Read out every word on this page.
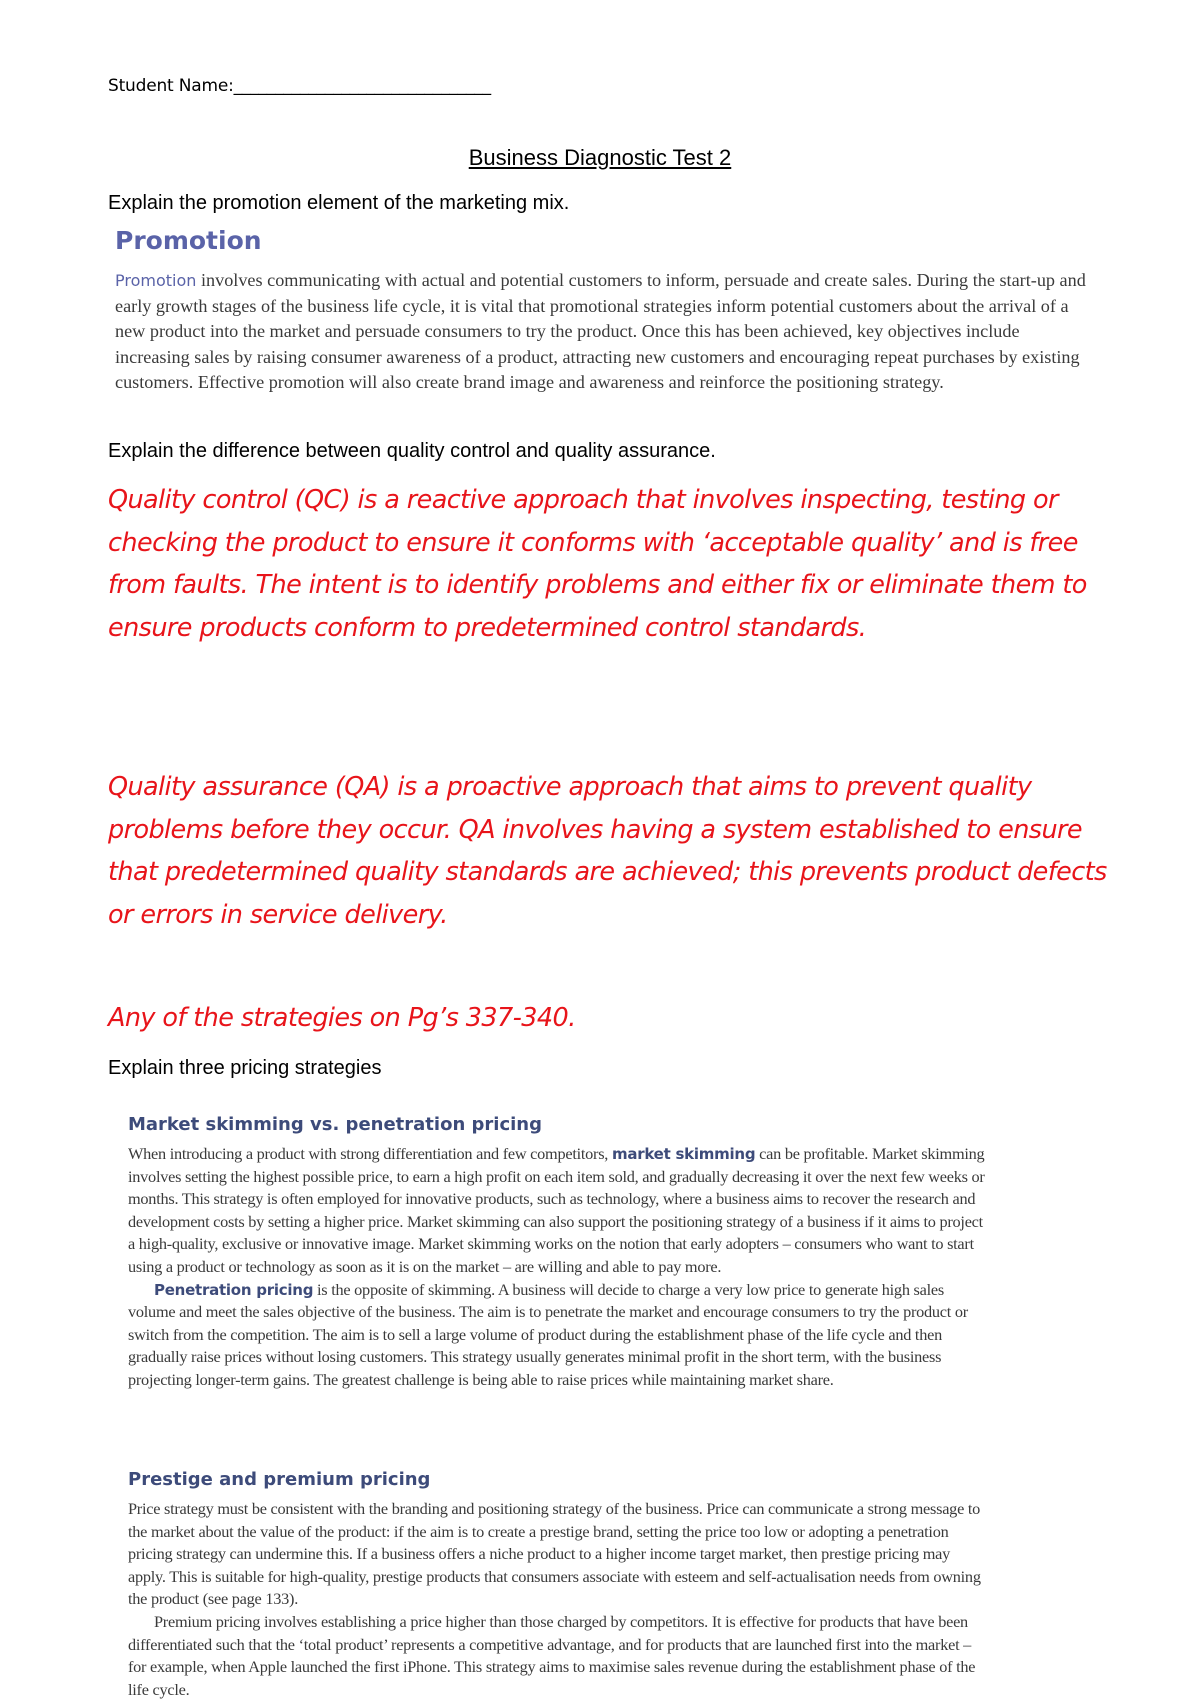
Student Name:_______________________________
Business Diagnostic Test 2
Explain the promotion element of the marketing mix.
Promotion

Promotion involves communicating with actual and potential customers to inform, persuade and create sales. During the start-up and early growth stages of the business life cycle, it is vital that promotional strategies inform potential customers about the arrival of a new product into the market and persuade consumers to try the product. Once this has been achieved, key objectives include increasing sales by raising consumer awareness of a product, attracting new customers and encouraging repeat purchases by existing customers. Effective promotion will also create brand image and awareness and reinforce the positioning strategy.

Explain the difference between quality control and quality assurance.

Quality control (QC) is a reactive approach that involves inspecting, testing or checking the product to ensure it conforms with ‘acceptable quality’ and is free from faults. The intent is to identify problems and either fix or eliminate them to ensure products conform to predetermined control standards.

Quality assurance (QA) is a proactive approach that aims to prevent quality problems before they occur. QA involves having a system established to ensure that predetermined quality standards are achieved; this prevents product defects or errors in service delivery.

Any of the strategies on Pg’s 337-340.

Explain three pricing strategies
Market skimming vs. penetration pricing

When introducing a product with strong differentiation and few competitors, market skimming can be profitable. Market skimming involves setting the highest possible price, to earn a high profit on each item sold, and gradually decreasing it over the next few weeks or months. This strategy is often employed for innovative products, such as technology, where a business aims to recover the research and development costs by setting a higher price. Market skimming can also support the positioning strategy of a business if it aims to project a high-quality, exclusive or innovative image. Market skimming works on the notion that early adopters – consumers who want to start using a product or technology as soon as it is on the market – are willing and able to pay more.

Penetration pricing is the opposite of skimming. A business will decide to charge a very low price to generate high sales volume and meet the sales objective of the business. The aim is to penetrate the market and encourage consumers to try the product or switch from the competition. The aim is to sell a large volume of product during the establishment phase of the life cycle and then gradually raise prices without losing customers. This strategy usually generates minimal profit in the short term, with the business projecting longer-term gains. The greatest challenge is being able to raise prices while maintaining market share.

Prestige and premium pricing

Price strategy must be consistent with the branding and positioning strategy of the business. Price can communicate a strong message to the market about the value of the product: if the aim is to create a prestige brand, setting the price too low or adopting a penetration pricing strategy can undermine this. If a business offers a niche product to a higher income target market, then prestige pricing may apply. This is suitable for high-quality, prestige products that consumers associate with esteem and self-actualisation needs from owning the product (see page 133).

Premium pricing involves establishing a price higher than those charged by competitors. It is effective for products that have been differentiated such that the ‘total product’ represents a competitive advantage, and for products that are launched first into the market – for example, when Apple launched the first iPhone. This strategy aims to maximise sales revenue during the establishment phase of the life cycle.
